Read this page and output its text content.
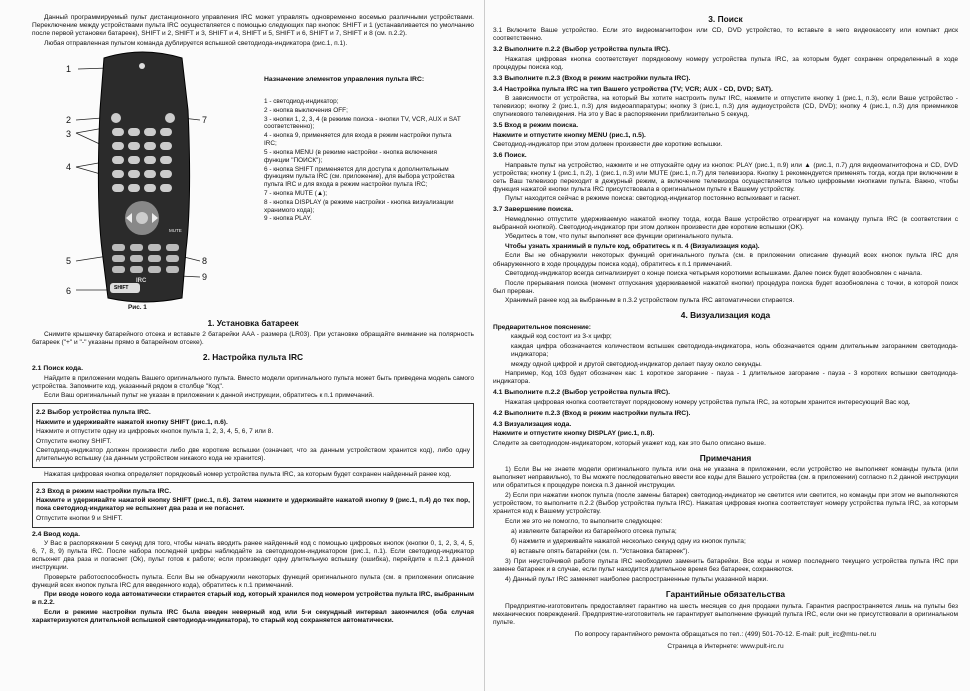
Данный программируемый пульт дистанционного управления IRC может управлять одновременно восемью различными устройствами. Переключение между устройствами пульта IRC осуществляется с помощью следующих пар кнопок: SHIFT и 1 (устанавливается по умолчанию после первой установки батареек), SHIFT и 2, SHIFT и 3, SHIFT и 4, SHIFT и 5, SHIFT и 6, SHIFT и 7, SHIFT и 8 (см. п.2.2).

Любая отправленная пультом команда дублируется вспышкой светодиода-индикатора (рис.1, п.1).

1
2
3
4
5
6
7
8
9
SHIFT
MUTE
IRC

Назначение элементов управления пульта IRC:

1 - светодиод-индикатор;

2 - кнопка выключения OFF;

3 - кнопки 1, 2, 3, 4 (в режиме поиска - кнопки TV, VCR, AUX и SAT соответственно);

4 - кнопка 9, применяется для входа в режим настройки пульта IRC;

5 - кнопка MENU (в режиме настройки - кнопка включения функции "ПОИСК");

6 - кнопка SHIFT применяется для доступа к дополнительным функциям пульта IRC (см. приложение), для выбора устройства пульта IRC и для входа в режим настройки пульта IRC;

7 - кнопка MUTE (▲);

8 - кнопка DISPLAY (в режиме настройки - кнопка визуализации хранимого кода);

9 - кнопка PLAY.

Рис. 1
1. Установка батареек

Снимите крышечку батарейного отсека и вставьте 2 батарейки AAA - размера (LR03). При установке обращайте внимание на полярность батареек ("+" и "-" указаны прямо в батарейном отсеке).

2. Настройка пульта IRC
2.1 Поиск кода.

Найдите в приложении модель Вашего оригинального пульта. Вместо модели оригинального пульта может быть приведена модель самого устройства. Запомните код, указанный рядом в столбце "Код".

Если Ваш оригинальный пульт не указан в приложении к данной инструкции, обратитесь к п.1 примечаний.

2.2 Выбор устройства пульта IRC.

Нажмите и удерживайте нажатой кнопку SHIFT (рис.1, п.6).

Нажмите и отпустите одну из цифровых кнопок пульта 1, 2, 3, 4, 5, 6, 7 или 8.

Отпустите кнопку SHIFT.

Светодиод-индикатор должен произвести либо две короткие вспышки (означает, что за данным устройством хранится код), либо одну длительную вспышку (за данным устройством никакого кода не хранится).

Нажатая цифровая кнопка определяет порядковый номер устройства пульта IRC, за которым будет сохранен найденный ранее код.

2.3 Вход в режим настройки пульта IRC.

Нажмите и удерживайте нажатой кнопку SHIFT (рис.1, п.6). Затем нажмите и удерживайте нажатой кнопку 9 (рис.1, п.4) до тех пор, пока светодиод-индикатор не вспыхнет два раза и не погаснет.

Отпустите кнопки 9 и SHIFT.

2.4 Ввод кода.

У Вас в распоряжении 5 секунд для того, чтобы начать вводить ранее найденный код с помощью цифровых кнопок (кнопки 0, 1, 2, 3, 4, 5, 6, 7, 8, 9) пульта IRC. После набора последней цифры наблюдайте за светодиодом-индикатором (рис.1, п.1). Если светодиод-индикатор вспыхнет два раза и погаснет (Ok), пульт готов к работе; если произведет одну длительную вспышку (ошибка), перейдите к п.2.1 данной инструкции.

Проверьте работоспособность пульта. Если Вы не обнаружили некоторых функций оригинального пульта (см. в приложении описание функций всех кнопок пульта IRC для введенного кода), обратитесь к п.1 примечаний.

При вводе нового кода автоматически стирается старый код, который хранился под номером устройства пульта IRC, выбранным в п.2.2.

Если в режиме настройки пульта IRC была введен неверный код или 5-и секундный интервал закончился (оба случая характеризуются длительной вспышкой светодиода-индикатора), то старый код сохраняется автоматически.

3. Поиск

3.1 Включите Ваше устройство. Если это видеомагнитофон или CD, DVD устройство, то вставьте в него видеокассету или компакт диск соответственно.

3.2 Выполните п.2.2 (Выбор устройства пульта IRC).

Нажатая цифровая кнопка соответствует порядковому номеру устройства пульта IRC, за которым будет сохранен определенный в ходе процедуры поиска код.

3.3 Выполните п.2.3 (Вход в режим настройки пульта IRC).
3.4 Настройка пульта IRC на тип Вашего устройства (TV; VCR; AUX - CD, DVD; SAT).

В зависимости от устройства, на который Вы хотите настроить пульт IRC, нажмите и отпустите кнопку 1 (рис.1, п.3), если Ваше устройство - телевизор; кнопку 2 (рис.1, п.3) для видеоаппаратуры; кнопку 3 (рис.1, п.3) для аудиоустройств (CD, DVD); кнопку 4 (рис.1, п.3) для приемников спутникового телевидения. На это у Вас в распоряжении приблизительно 5 секунд.

3.5 Вход в режим поиска.

Нажмите и отпустите кнопку MENU (рис.1, п.5).

Светодиод-индикатор при этом должен произвести две короткие вспышки.

3.6 Поиск.

Направьте пульт на устройство, нажмите и не отпускайте одну из кнопок: PLAY (рис.1, п.9) или ▲ (рис.1, п.7) для видеомагнитофона и CD, DVD устройства; кнопку 1 (рис.1, п.2), 1 (рис.1, п.3) или MUTE (рис.1, п.7) для телевизора. Кнопку 1 рекомендуется применять тогда, когда при включении в сеть Ваш телевизор переходит в дежурный режим, а включение телевизора осуществляется только цифровыми кнопками пульта. Важно, чтобы функция нажатой кнопки пульта IRC присутствовала в оригинальном пульте к Вашему устройству.

Пульт находится сейчас в режиме поиска: светодиод-индикатор постоянно вспыхивает и гаснет.

3.7 Завершение поиска.

Немедленно отпустите удерживаемую нажатой кнопку тогда, когда Ваше устройство отреагирует на команду пульта IRC (в соответствии с выбранной кнопкой). Светодиод-индикатор при этом должен произвести две короткие вспышки (OK).

Убедитесь в том, что пульт выполняет все функции оригинального пульта.

Чтобы узнать хранимый в пульте код, обратитесь к п. 4 (Визуализация кода).

Если Вы не обнаружили некоторых функций оригинального пульта (см. в приложении описание функций всех кнопок пульта IRC для обнаруженного в ходе процедуры поиска кода), обратитесь к п.1 примечаний.

Светодиод-индикатор всегда сигнализирует о конце поиска четырьмя короткими вспышками. Далее поиск будет возобновлен с начала.

После прерывания поиска (момент отпускания удерживаемой нажатой кнопки) процедура поиска будет возобновлена с точки, в которой поиск был прерван.

Хранимый ранее код за выбранным в п.3.2 устройством пульта IRC автоматически стирается.

4. Визуализация кода

Предварительное пояснение:

каждый код состоит из 3-х цифр;

каждая цифра обозначается количеством вспышек светодиода-индикатора, ноль обозначается одним длительным загоранием светодиода-индикатора;

между одной цифрой и другой светодиод-индикатор делает паузу около секунды.

Например, Код 103 будет обозначен как: 1 короткое загорание - пауза - 1 длительное загорание - пауза - 3 коротких вспышки светодиода-индикатора.

4.1 Выполните п.2.2 (Выбор устройства пульта IRC).

Нажатая цифровая кнопка соответствует порядковому номеру устройства пульта IRC, за которым хранится интересующий Вас код.

4.2 Выполните п.2.3 (Вход в режим настройки пульта IRC).
4.3 Визуализация кода.

Нажмите и отпустите кнопку DISPLAY (рис.1, п.8).

Следите за светодиодом-индикатором, который укажет код, как это было описано выше.

Примечания

1) Если Вы не знаете модели оригинального пульта или она не указана в приложении, если устройство не выполняет команды пульта (или выполняет неправильно), то Вы можете последовательно ввести все коды для Вашего устройства (см. в приложении) согласно п.2 данной инструкции или обратиться к процедуре поиска п.3 данной инструкции.

2) Если при нажатии кнопок пульта (после замены батарек) светодиод-индикатор не светится или светится, но команды при этом не выполняются устройством, то выполните п.2.2 (Выбор устройства пульта IRC). Нажатая цифровая кнопка соответствует номеру устройства пульта IRC, за которым хранится код к Вашему устройству.

Если же это не помогло, то выполните следующее:

а) извлеките батарейки из батарейного отсека пульта;

б) нажмите и удерживайте нажатой несколько секунд одну из кнопок пульта;

в) вставьте опять батарейки (см. п. "Установка батареек").

3) При неустойчивой работе пульта IRC необходимо заменить батарейки. Все коды и номер последнего текущего устройства пульта IRC при замене батареек и в случае, если пульт находится длительное время без батареек, сохраняются.

4) Данный пульт IRC заменяет наиболее распространенные пульты указанной марки.

Гарантийные обязательства

Предприятие-изготовитель предоставляет гарантию на шесть месяцев со дня продажи пульта. Гарантия распространяется лишь на пульты без механических повреждений. Предприятие-изготовитель не гарантирует выполнение функций пульта IRC, если они не присутствовали в оригинальном пульте.

По вопросу гарантийного ремонта обращаться по тел.: (499) 501-70-12. E-mail: pult_irc@mtu-net.ru

Страница в Интернете: www.pult-irc.ru
